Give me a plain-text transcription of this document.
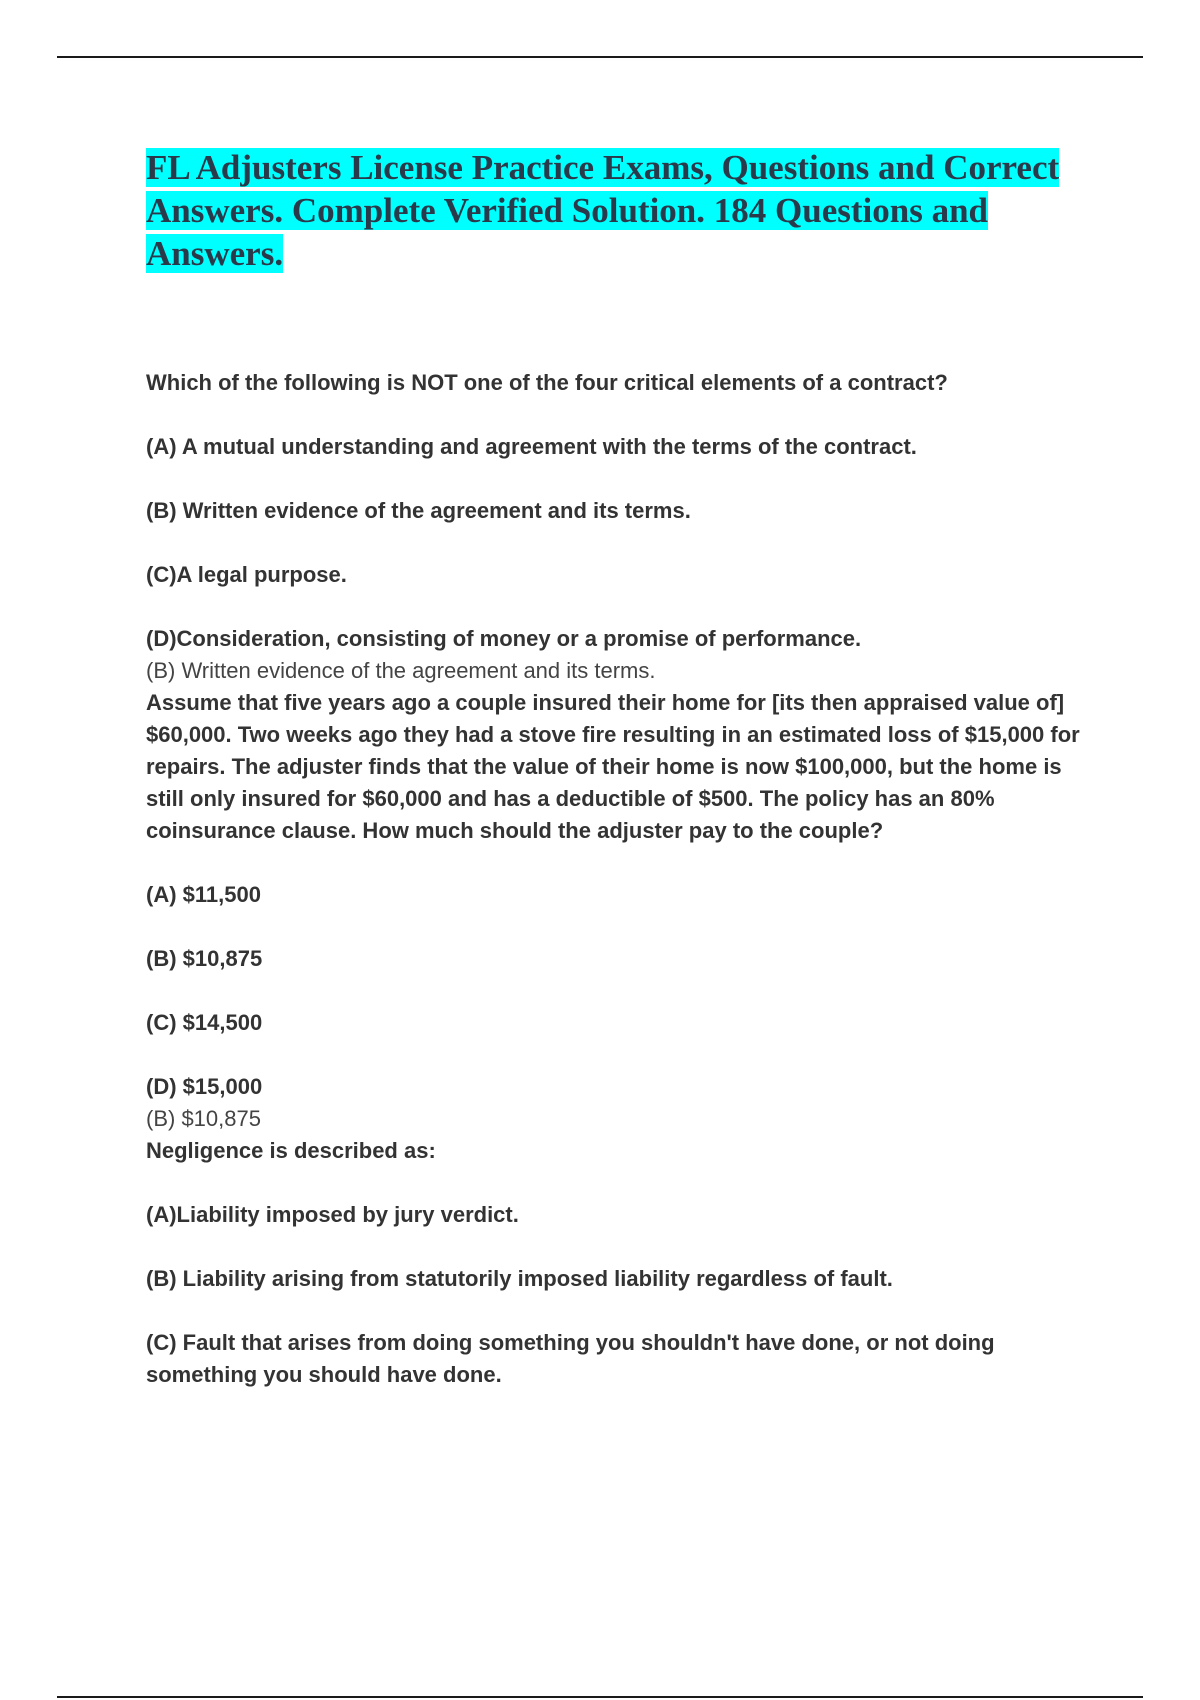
FL Adjusters License Practice Exams, Questions and Correct Answers. Complete Verified Solution. 184 Questions and Answers.

Which of the following is NOT one of the four critical elements of a contract?

(A) A mutual understanding and agreement with the terms of the contract.

(B) Written evidence of the agreement and its terms.

(C)A legal purpose.

(D)Consideration, consisting of money or a promise of performance.

(B) Written evidence of the agreement and its terms.

Assume that five years ago a couple insured their home for [its then appraised value of] $60,000. Two weeks ago they had a stove fire resulting in an estimated loss of $15,000 for repairs. The adjuster finds that the value of their home is now $100,000, but the home is still only insured for $60,000 and has a deductible of $500. The policy has an 80% coinsurance clause. How much should the adjuster pay to the couple?

(A) $11,500

(B) $10,875

(C) $14,500

(D) $15,000

(B) $10,875

Negligence is described as:

(A)Liability imposed by jury verdict.

(B) Liability arising from statutorily imposed liability regardless of fault.

(C) Fault that arises from doing something you shouldn't have done, or not doing something you should have done.
